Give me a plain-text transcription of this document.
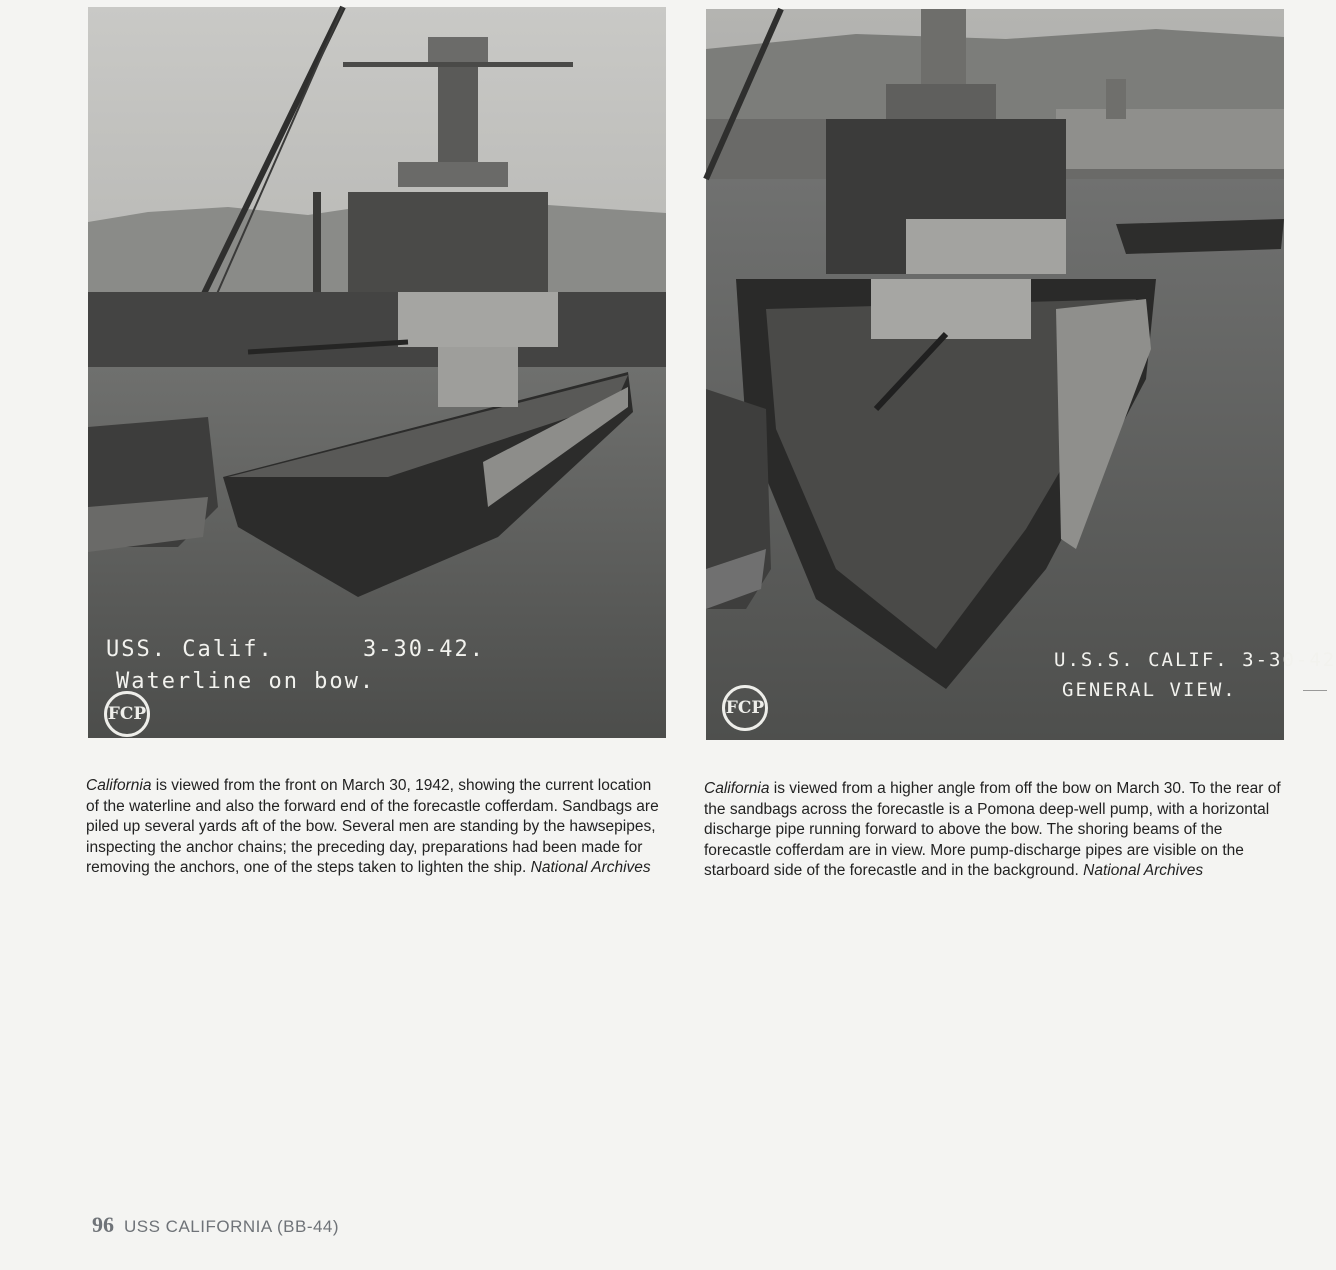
USS. Calif.	3-30-42.
Waterline on bow.
FCP
U.S.S. CALIF. 3-30-42
GENERAL VIEW.
FCP
California is viewed from the front on March 30, 1942, showing the current location of the waterline and also the forward end of the forecastle cofferdam. Sandbags are piled up several yards aft of the bow. Several men are standing by the hawsepipes, inspecting the anchor chains; the preceding day, preparations had been made for removing the anchors, one of the steps taken to lighten the ship. National Archives
California is viewed from a higher angle from off the bow on March 30. To the rear of the sandbags across the forecastle is a Pomona deep-well pump, with a horizontal discharge pipe running forward to above the bow. The shoring beams of the forecastle cofferdam are in view. More pump-discharge pipes are visible on the starboard side of the forecastle and in the background. National Archives
96 USS CALIFORNIA (BB-44)
